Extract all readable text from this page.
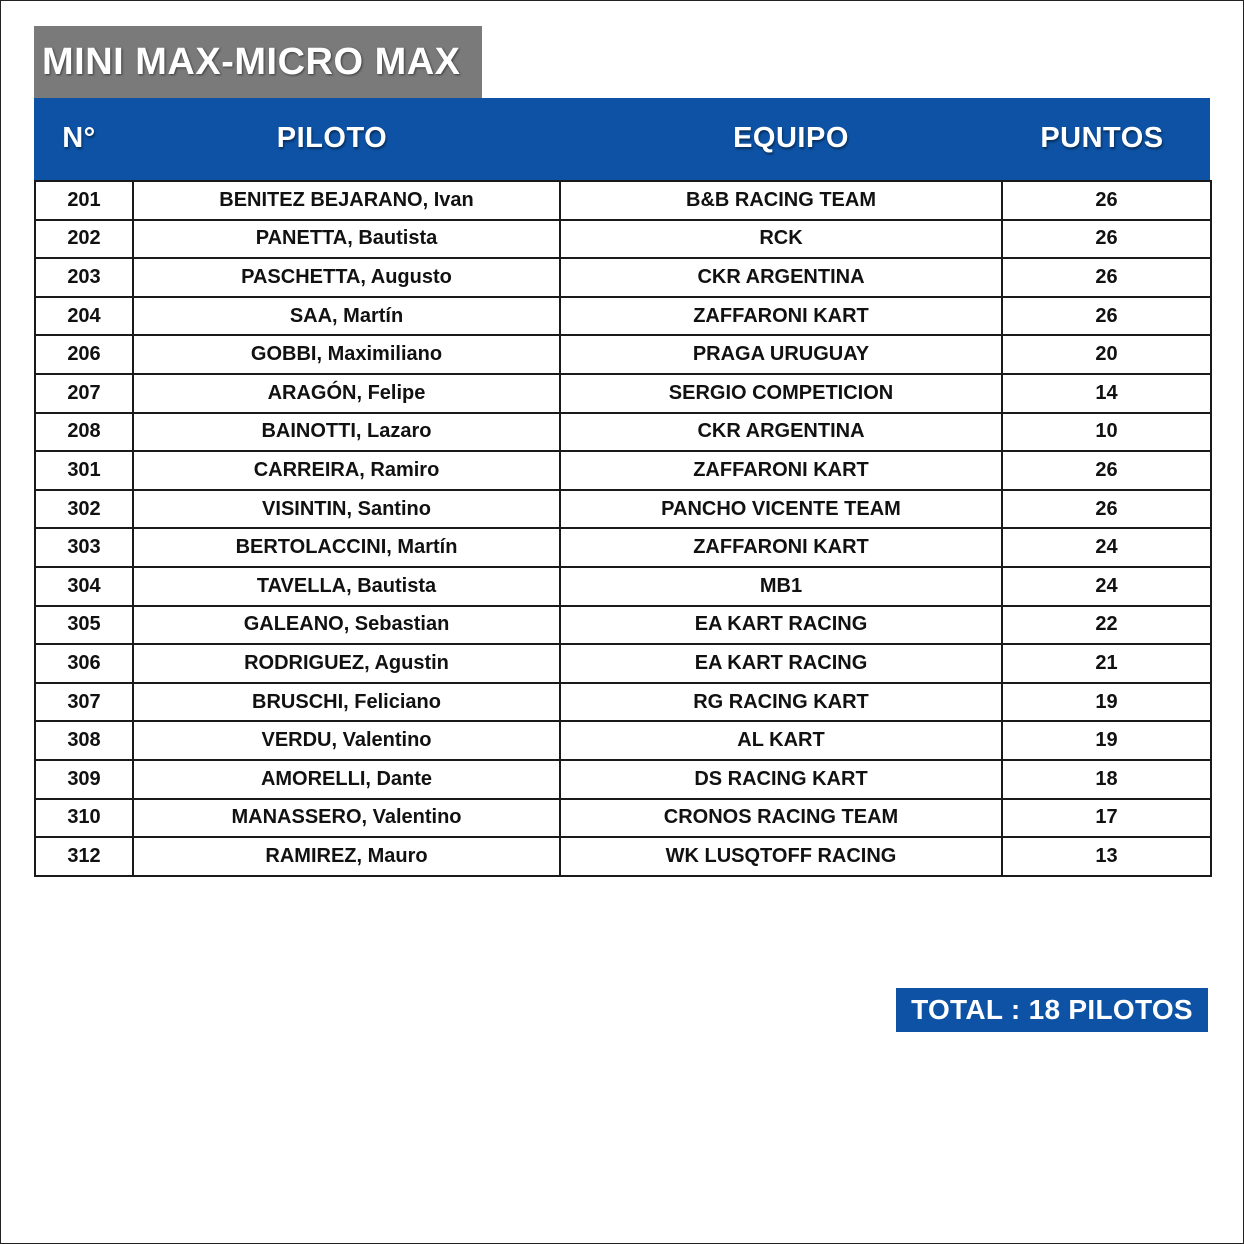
MINI MAX-MICRO MAX
N°	PILOTO	EQUIPO	PUNTOS
201	BENITEZ BEJARANO, Ivan	B&B RACING TEAM	26
202	PANETTA, Bautista	RCK	26
203	PASCHETTA, Augusto	CKR ARGENTINA	26
204	SAA, Martín	ZAFFARONI KART	26
206	GOBBI, Maximiliano	PRAGA URUGUAY	20
207	ARAGÓN, Felipe	SERGIO COMPETICION	14
208	BAINOTTI, Lazaro	CKR ARGENTINA	10
301	CARREIRA, Ramiro	ZAFFARONI KART	26
302	VISINTIN, Santino	PANCHO VICENTE TEAM	26
303	BERTOLACCINI, Martín	ZAFFARONI KART	24
304	TAVELLA, Bautista	MB1	24
305	GALEANO, Sebastian	EA KART RACING	22
306	RODRIGUEZ, Agustin	EA KART RACING	21
307	BRUSCHI, Feliciano	RG RACING KART	19
308	VERDU, Valentino	AL KART	19
309	AMORELLI, Dante	DS RACING KART	18
310	MANASSERO, Valentino	CRONOS RACING TEAM	17
312	RAMIREZ, Mauro	WK LUSQTOFF RACING	13
TOTAL : 18 PILOTOS
